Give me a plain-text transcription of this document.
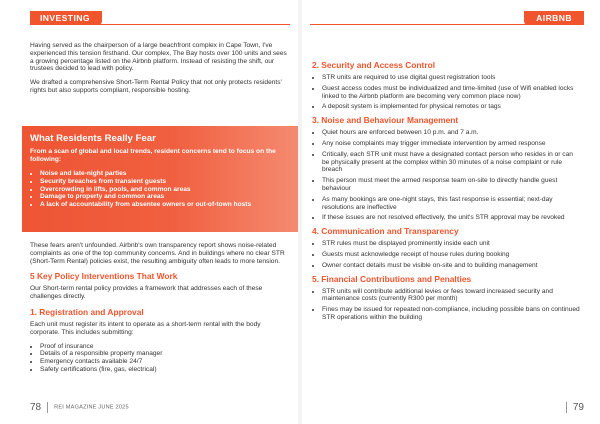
INVESTING

Having served as the chairperson of a large beachfront complex in Cape Town, I've experienced this tension firsthand. Our complex, The Bay hosts over 100 units and sees a growing percentage listed on the Airbnb platform. Instead of resisting the shift, our trustees decided to lead with policy.

We drafted a comprehensive Short-Term Rental Policy that not only protects residents' rights but also supports compliant, responsible hosting.

What Residents Really Fear

From a scan of global and local trends, resident concerns tend to focus on the following:

• Noise and late-night parties
• Security breaches from transient guests
• Overcrowding in lifts, pools, and common areas
• Damage to property and common areas
• A lack of accountability from absentee owners or out-of-town hosts

These fears aren't unfounded. Airbnb's own transparency report shows noise-related complaints as one of the top community concerns. And in buildings where no clear STR (Short-Term Rental) policies exist, the resulting ambiguity often leads to more tension.

5 Key Policy Interventions That Work

Our Short-term rental policy provides a framework that addresses each of these challenges directly.

1. Registration and Approval

Each unit must register its intent to operate as a short-term rental with the body corporate. This includes submitting:

• Proof of insurance
• Details of a responsible property manager
• Emergency contacts available 24/7
• Safety certifications (fire, gas, electrical)
78 REI MAGAZINE JUNE 2025
AIRBNB
2. Security and Access Control
• STR units are required to use digital guest registration tools
• Guest access codes must be individualized and time-limited (use of Wifi enabled locks linked to the Airbnb platform are becoming very common place now)
• A deposit system is implemented for physical remotes or tags
3. Noise and Behaviour Management
• Quiet hours are enforced between 10 p.m. and 7 a.m.
• Any noise complaints may trigger immediate intervention by armed response
• Critically, each STR unit must have a designated contact person who resides in or can be physically present at the complex within 30 minutes of a noise complaint or rule breach
• This person must meet the armed response team on-site to directly handle guest behaviour
• As many bookings are one-night stays, this fast response is essential; next-day resolutions are ineffective
• If these issues are not resolved effectively, the unit's STR approval may be revoked
4. Communication and Transparency
• STR rules must be displayed prominently inside each unit
• Guests must acknowledge receipt of house rules during booking
• Owner contact details must be visible on-site and to building management
5. Financial Contributions and Penalties
• STR units will contribute additional levies or fees toward increased security and maintenance costs (currently R300 per month)
• Fines may be issued for repeated non-compliance, including possible bans on continued STR operations within the building
79
